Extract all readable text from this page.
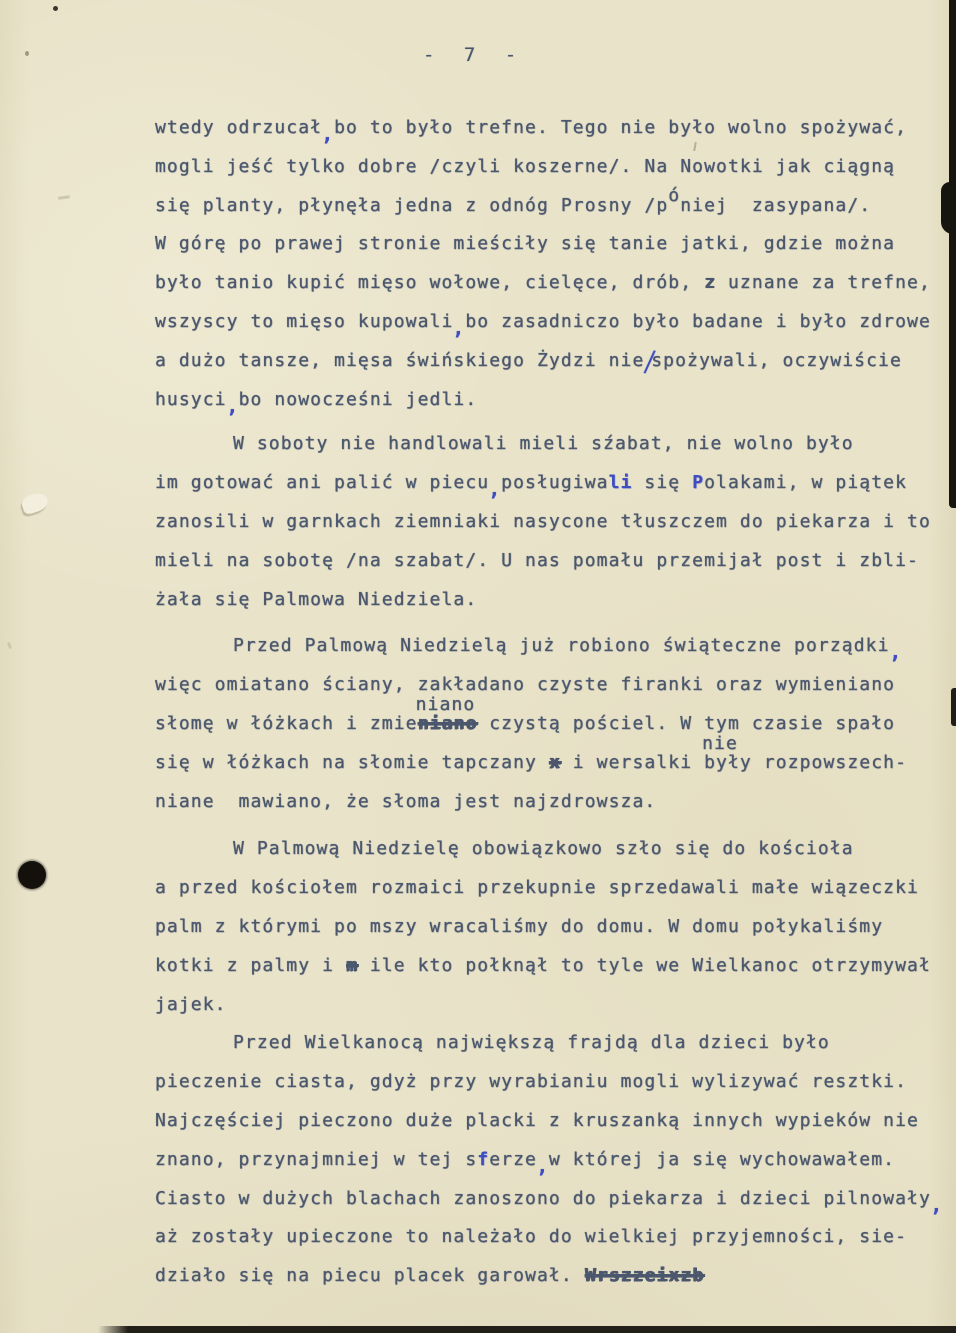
- 7 -
wtedy odrzucał,bo to było trefne. Tego nie było wolno spożywać,
mogli jeść tylko dobre /czyli koszerne/. Na Nowotki jak ciągną
się planty, płynęła jedna z odnóg Prosny /póniej  zasypana/.
W górę po prawej stronie mieściły się tanie jatki, gdzie można
było tanio kupić mięso wołowe, cielęce, drób, z uznane za trefne,
wszyscy to mięso kupowali,bo zasadniczo było badane i było zdrowe
a dużo tansze, mięsa świńskiego Żydzi nie/spożywali, oczywiście
husyci,bo nowocześni jedli.
W soboty nie handlowali mieli sźabat, nie wolno było
im gotować ani palić w piecu,posługiwali się Polakami, w piątek
zanosili w garnkach ziemniaki nasycone tłuszczem do piekarza i to
mieli na sobotę /na szabat/. U nas pomału przemijał post i zbli-
żała się Palmowa Niedziela.
Przed Palmową Niedzielą już robiono świąteczne porządki,
więc omiatano ściany, zakładano czyste firanki oraz wymieniano
słomę w łóżkach i zmie
niano
niano czystą pościel. W tym czasie spało
się w łóżkach na słomie tapczany x i wersalki
nie
były rozpowszech-
niane  mawiano, że słoma jest najzdrowsza.
W Palmową Niedzielę obowiązkowo szło się do kościoła
a przed kościołem rozmaici przekupnie sprzedawali małe wiązeczki
palm z którymi po mszy wracaliśmy do domu. W domu połykaliśmy
kotki z palmy i m ile kto połknął to tyle we Wielkanoc otrzymywał
jajek.
Przed Wielkanocą największą frajdą dla dzieci było
pieczenie ciasta, gdyż przy wyrabianiu mogli wylizywać resztki.
Najczęściej pieczono duże placki z kruszanką innych wypieków nie
znano, przynajmniej w tej sferze,w której ja się wychowawałem.
Ciasto w dużych blachach zanoszono do piekarza i dzieci pilnowały,
aż zostały upieczone to należało do wielkiej przyjemności, sie-
działo się na piecu placek garował. Wrszzeixzb
